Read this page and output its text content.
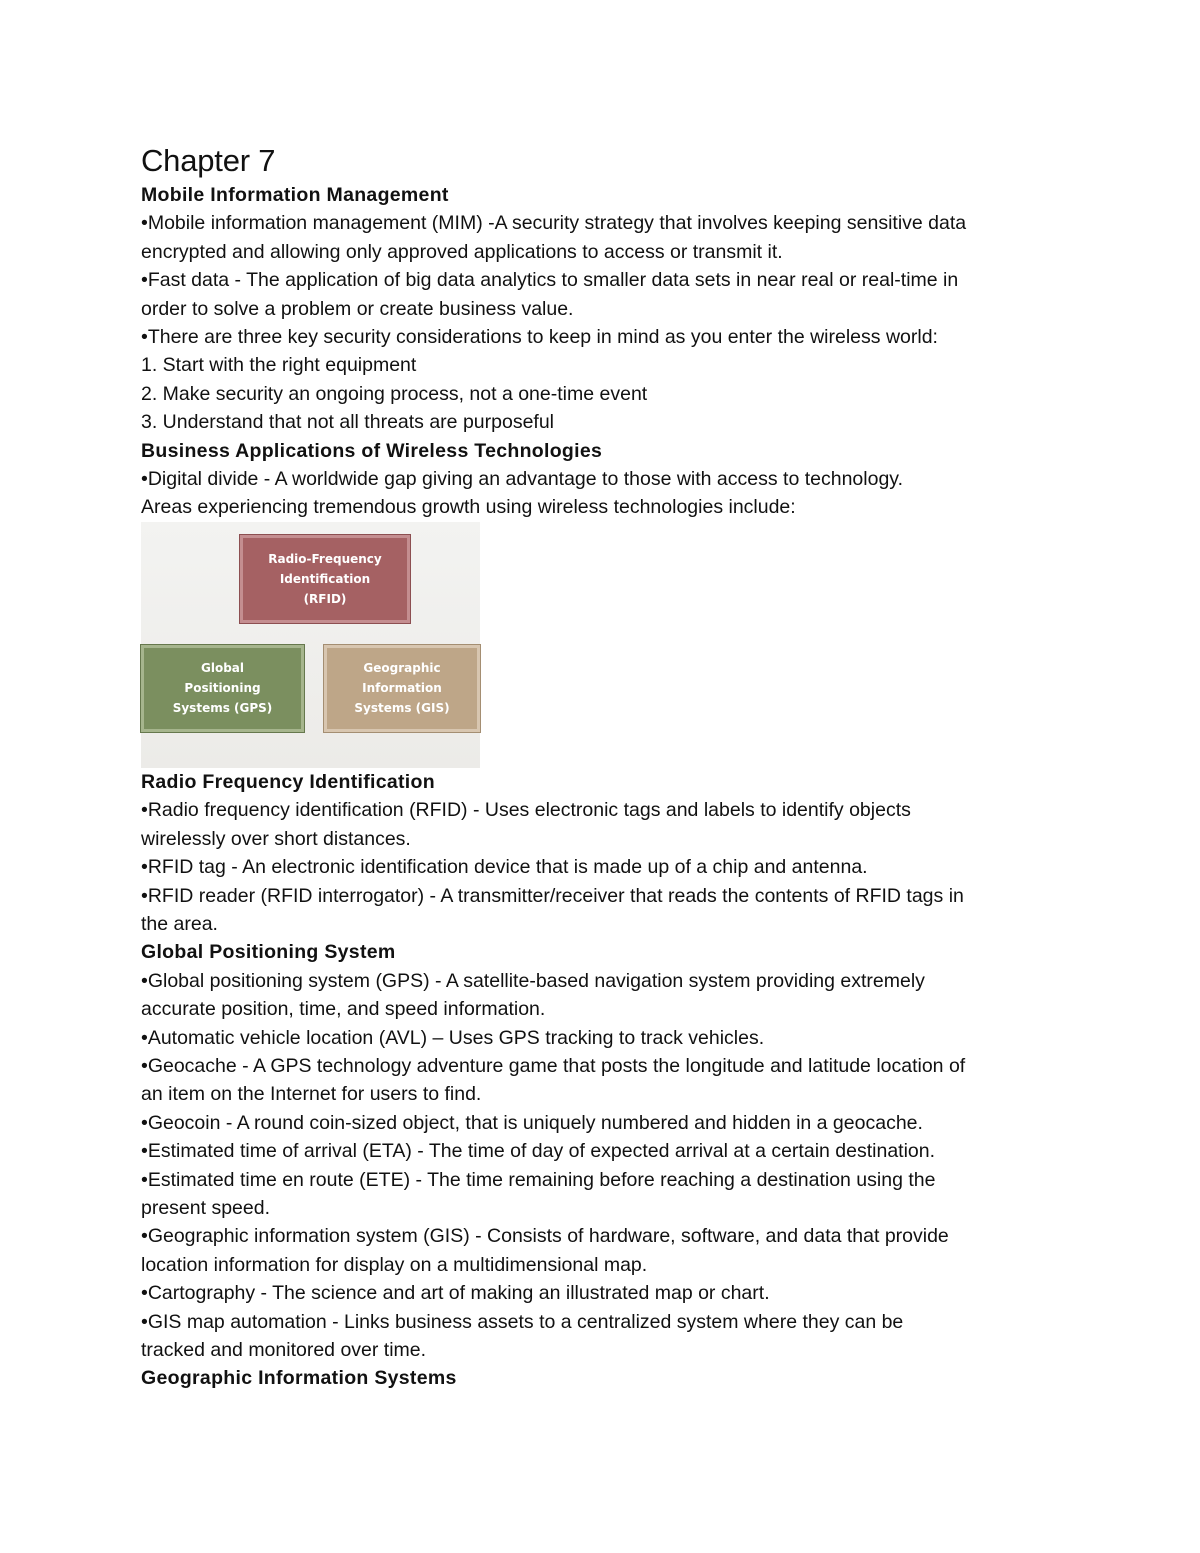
Chapter 7

Mobile Information Management

•Mobile information management (MIM) -A security strategy that involves keeping sensitive data

encrypted and allowing only approved applications to access or transmit it.

•Fast data - The application of big data analytics to smaller data sets in near real or real-time in

order to solve a problem or create business value.

•There are three key security considerations to keep in mind as you enter the wireless world:

1. Start with the right equipment

2. Make security an ongoing process, not a one-time event

3. Understand that not all threats are purposeful

Business Applications of Wireless Technologies

•Digital divide - A worldwide gap giving an advantage to those with access to technology.

Areas experiencing tremendous growth using wireless technologies include:

Radio-Frequency
Identification
(RFID)
Global
Positioning
Systems (GPS)
Geographic
Information
Systems (GIS)

Radio Frequency Identification

•Radio frequency identification (RFID) - Uses electronic tags and labels to identify objects

wirelessly over short distances.

•RFID tag - An electronic identification device that is made up of a chip and antenna.

•RFID reader (RFID interrogator) - A transmitter/receiver that reads the contents of RFID tags in

the area.

Global Positioning System

•Global positioning system (GPS) - A satellite-based navigation system providing extremely

accurate position, time, and speed information.

•Automatic vehicle location (AVL) – Uses GPS tracking to track vehicles.

•Geocache - A GPS technology adventure game that posts the longitude and latitude location of

an item on the Internet for users to find.

•Geocoin - A round coin-sized object, that is uniquely numbered and hidden in a geocache.

•Estimated time of arrival (ETA) - The time of day of expected arrival at a certain destination.

•Estimated time en route (ETE) - The time remaining before reaching a destination using the

present speed.

•Geographic information system (GIS) - Consists of hardware, software, and data that provide

location information for display on a multidimensional map.

•Cartography - The science and art of making an illustrated map or chart.

•GIS map automation - Links business assets to a centralized system where they can be

tracked and monitored over time.

Geographic Information Systems
